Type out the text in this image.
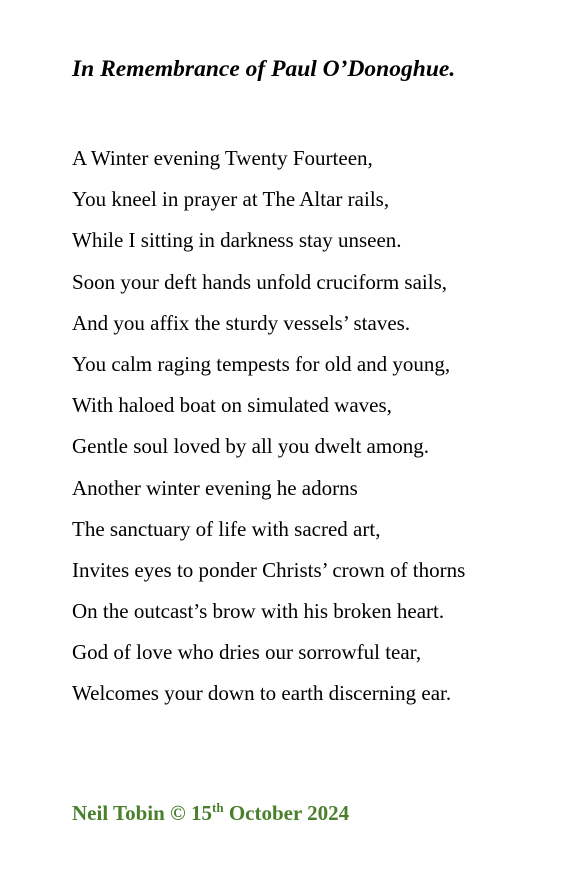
In Remembrance of Paul O’Donoghue.
A Winter evening Twenty Fourteen,
You kneel in prayer at The Altar rails,
While I sitting in darkness stay unseen.
Soon your deft hands unfold cruciform sails,
And you affix the sturdy vessels’ staves.
You calm raging tempests for old and young,
With haloed boat on simulated waves,
Gentle soul loved by all you dwelt among.
Another winter evening he adorns
The sanctuary of life with sacred art,
Invites eyes to ponder Christs’ crown of thorns
On the outcast’s brow with his broken heart.
God of love who dries our sorrowful tear,
Welcomes your down to earth discerning ear.

Neil Tobin © 15th October 2024
